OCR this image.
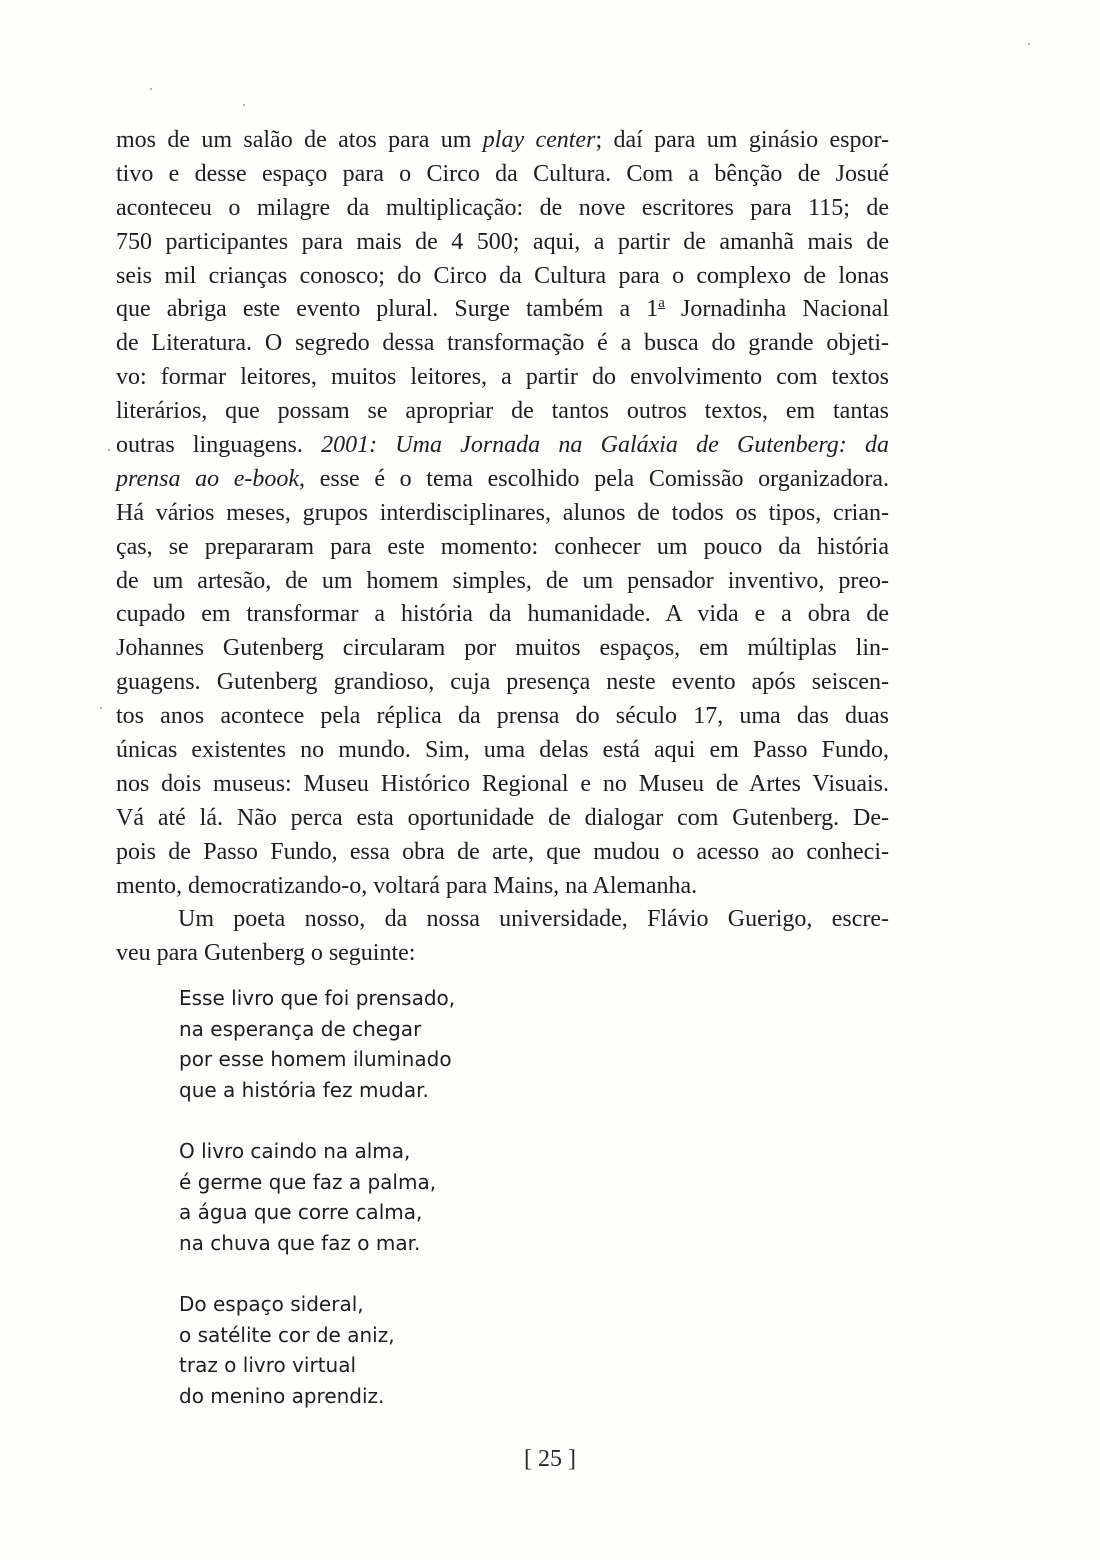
mos de um salão de atos para um play center; daí para um ginásio espor-
tivo e desse espaço para o Circo da Cultura. Com a bênção de Josué
aconteceu o milagre da multiplicação: de nove escritores para 115; de
750 participantes para mais de 4 500; aqui, a partir de amanhã mais de
seis mil crianças conosco; do Circo da Cultura para o complexo de lonas
que abriga este evento plural. Surge também a 1$^a$ Jornadinha Nacional
de Literatura. O segredo dessa transformação é a busca do grande objeti-
vo: formar leitores, muitos leitores, a partir do envolvimento com textos
literários, que possam se apropriar de tantos outros textos, em tantas
outras linguagens. 2001: Uma Jornada na Galáxia de Gutenberg: da
prensa ao e-book, esse é o tema escolhido pela Comissão organizadora.
Há vários meses, grupos interdisciplinares, alunos de todos os tipos, crian-
ças, se prepararam para este momento: conhecer um pouco da história
de um artesão, de um homem simples, de um pensador inventivo, preo-
cupado em transformar a história da humanidade. A vida e a obra de
Johannes Gutenberg circularam por muitos espaços, em múltiplas lin-
guagens. Gutenberg grandioso, cuja presença neste evento após seiscen-
tos anos acontece pela réplica da prensa do século 17, uma das duas
únicas existentes no mundo. Sim, uma delas está aqui em Passo Fundo,
nos dois museus: Museu Histórico Regional e no Museu de Artes Visuais.
Vá até lá. Não perca esta oportunidade de dialogar com Gutenberg. De-
pois de Passo Fundo, essa obra de arte, que mudou o acesso ao conheci-
mento, democratizando-o, voltará para Mains, na Alemanha.
Um poeta nosso, da nossa universidade, Flávio Guerigo, escre-
veu para Gutenberg o seguinte:
Esse livro que foi prensado,
na esperança de chegar
por esse homem iluminado
que a história fez mudar.
O livro caindo na alma,
é germe que faz a palma,
a água que corre calma,
na chuva que faz o mar.
Do espaço sideral,
o satélite cor de aniz,
traz o livro virtual
do menino aprendiz.
[ 25 ]
